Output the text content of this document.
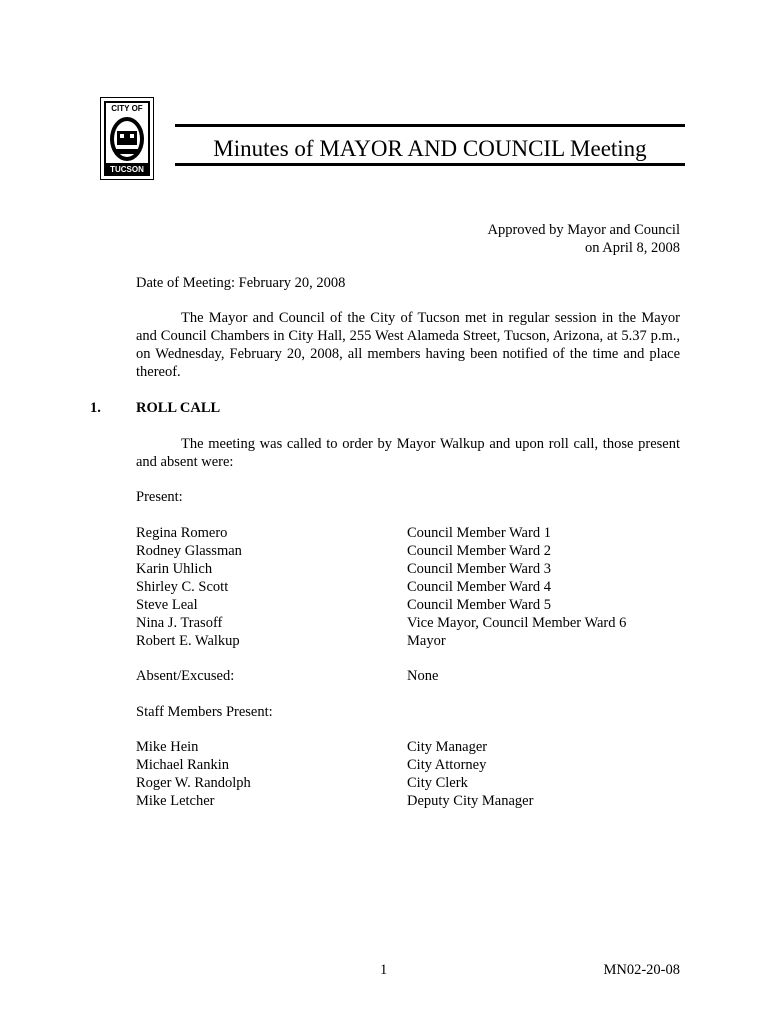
CITY OF
TUCSON
Minutes of MAYOR AND COUNCIL Meeting
Approved by Mayor and Council
on April 8, 2008
Date of Meeting: February 20, 2008
The Mayor and Council of the City of Tucson met in regular session in the Mayor and Council Chambers in City Hall, 255 West Alameda Street, Tucson, Arizona, at 5.37 p.m., on Wednesday, February 20, 2008, all members having been notified of the time and place thereof.
1. ROLL CALL
The meeting was called to order by Mayor Walkup and upon roll call, those present and absent were:
Present:
Regina Romero
Rodney Glassman
Karin Uhlich
Shirley C. Scott
Steve Leal
Nina J. Trasoff
Robert E. Walkup
Council Member Ward 1
Council Member Ward 2
Council Member Ward 3
Council Member Ward 4
Council Member Ward 5
Vice Mayor, Council Member Ward 6
Mayor
Absent/Excused:	None
Staff Members Present:
Mike Hein
Michael Rankin
Roger W. Randolph
Mike Letcher
City Manager
City Attorney
City Clerk
Deputy City Manager
1	MN02-20-08
